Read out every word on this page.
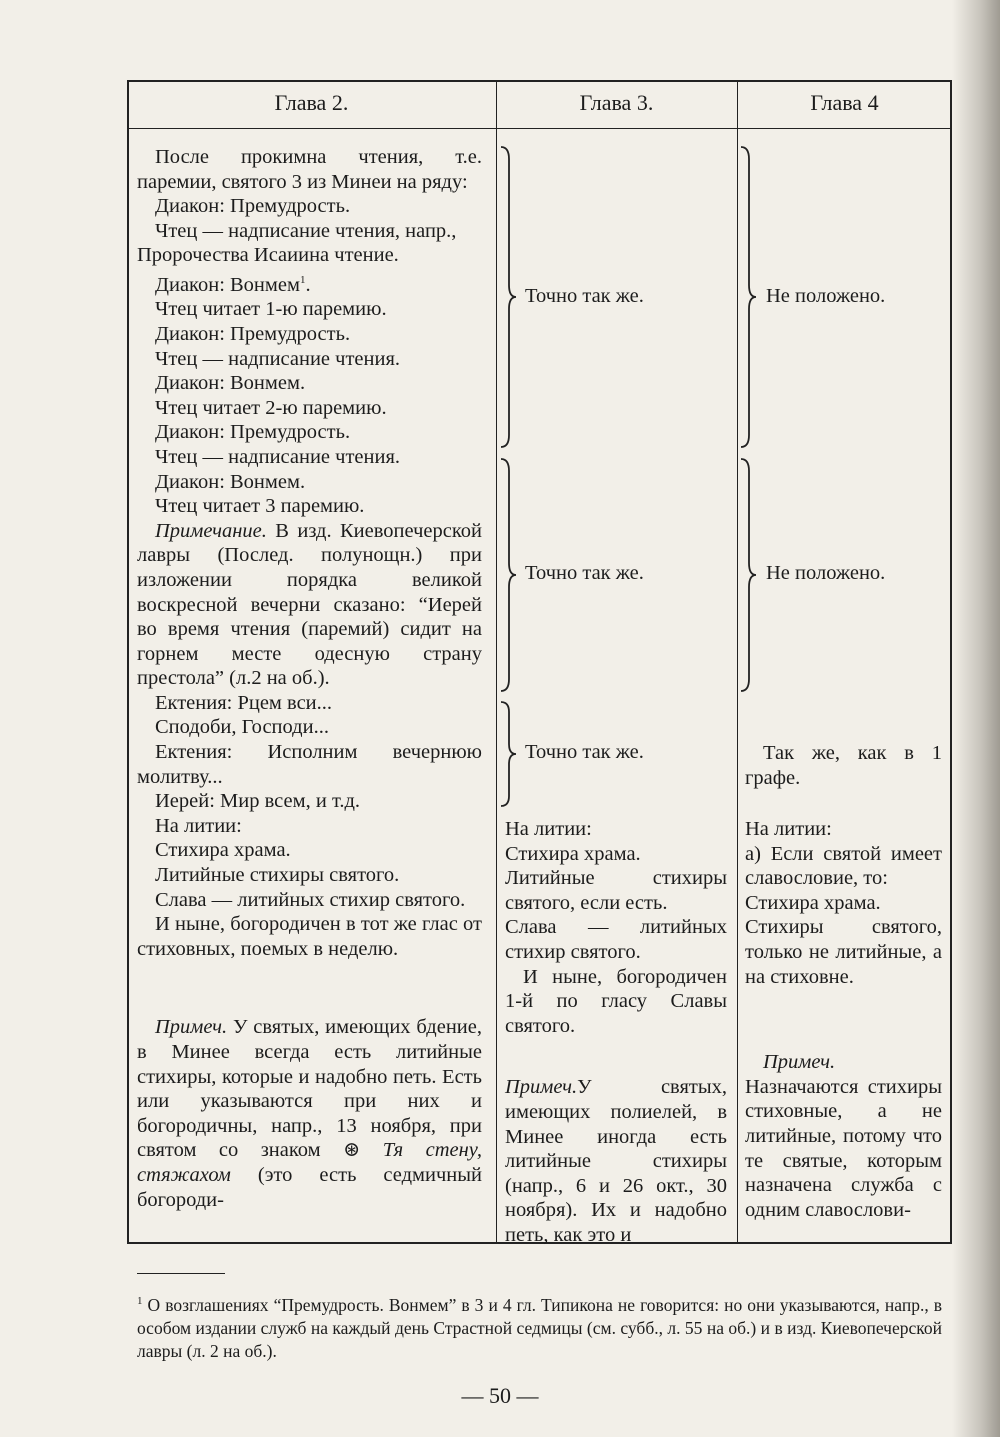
Глава 2.	Глава 3.	Глава 4

После прокимна чтения, т.е. паремии, святого 3 из Минеи на ряду:

Диакон: Премудрость.

Чтец — надписание чтения, напр., Пророчества Исаиина чтение.

Диакон: Вонмем$^1$.

Чтец читает 1-ю паремию.

Диакон: Премудрость.

Чтец — надписание чтения.

Диакон: Вонмем.

Чтец читает 2-ю паремию.

Диакон: Премудрость.

Чтец — надписание чтения.

Диакон: Вонмем.

Чтец читает 3 паремию.

Примечание. В изд. Киевопечерской лавры (Послед. полунощн.) при изложении порядка великой воскресной вечерни сказано: “Иерей во время чтения (паремий) сидит на горнем месте одесную страну престола” (л.2 на об.).

Ектения: Рцем вси...

Сподоби, Господи...

Ектения: Исполним вечернюю молитву...

Иерей: Мир всем, и т.д.

На литии:

Стихира храма.

Литийные стихиры святого.

Слава — литийных стихир святого.

И ныне, богородичен в тот же глас от стиховных, поемых в неделю.

Примеч. У святых, имеющих бдение, в Минее всегда есть литийные стихиры, которые и надобно петь. Есть или указываются при них и богородичны, напр., 13 ноября, при святом со знаком ⊛ Тя стену, стяжахом (это есть седмичный богороди-

Точно так же.
Точно так же.
Точно так же.
Не положено.
Не положено.

Так же, как в 1 графе.

На литии:

Стихира храма.

Литийные стихиры святого, если есть.

Слава — литийных стихир святого.

И ныне, богородичен 1-й по гласу Славы святого.

Примеч.У святых, имеющих полиелей, в Минее иногда есть литийные стихиры (напр., 6 и 26 окт., 30 ноября). Их и надобно петь, как это и

На литии:

а) Если святой имеет славословие, то:

Стихира храма.

Стихиры святого, только не литийные, а на стиховне.

Примеч. Назначаются стихиры стиховные, а не литийные, потому что те святые, которым назначена служба с одним славослови-

$^1$ О возглашениях “Премудрость. Вонмем” в 3 и 4 гл. Типикона не говорится: но они указываются, напр., в особом издании служб на каждый день Страстной седмицы (см. субб., л. 55 на об.) и в изд. Киевопечерской лавры (л. 2 на об.).
— 50 —
